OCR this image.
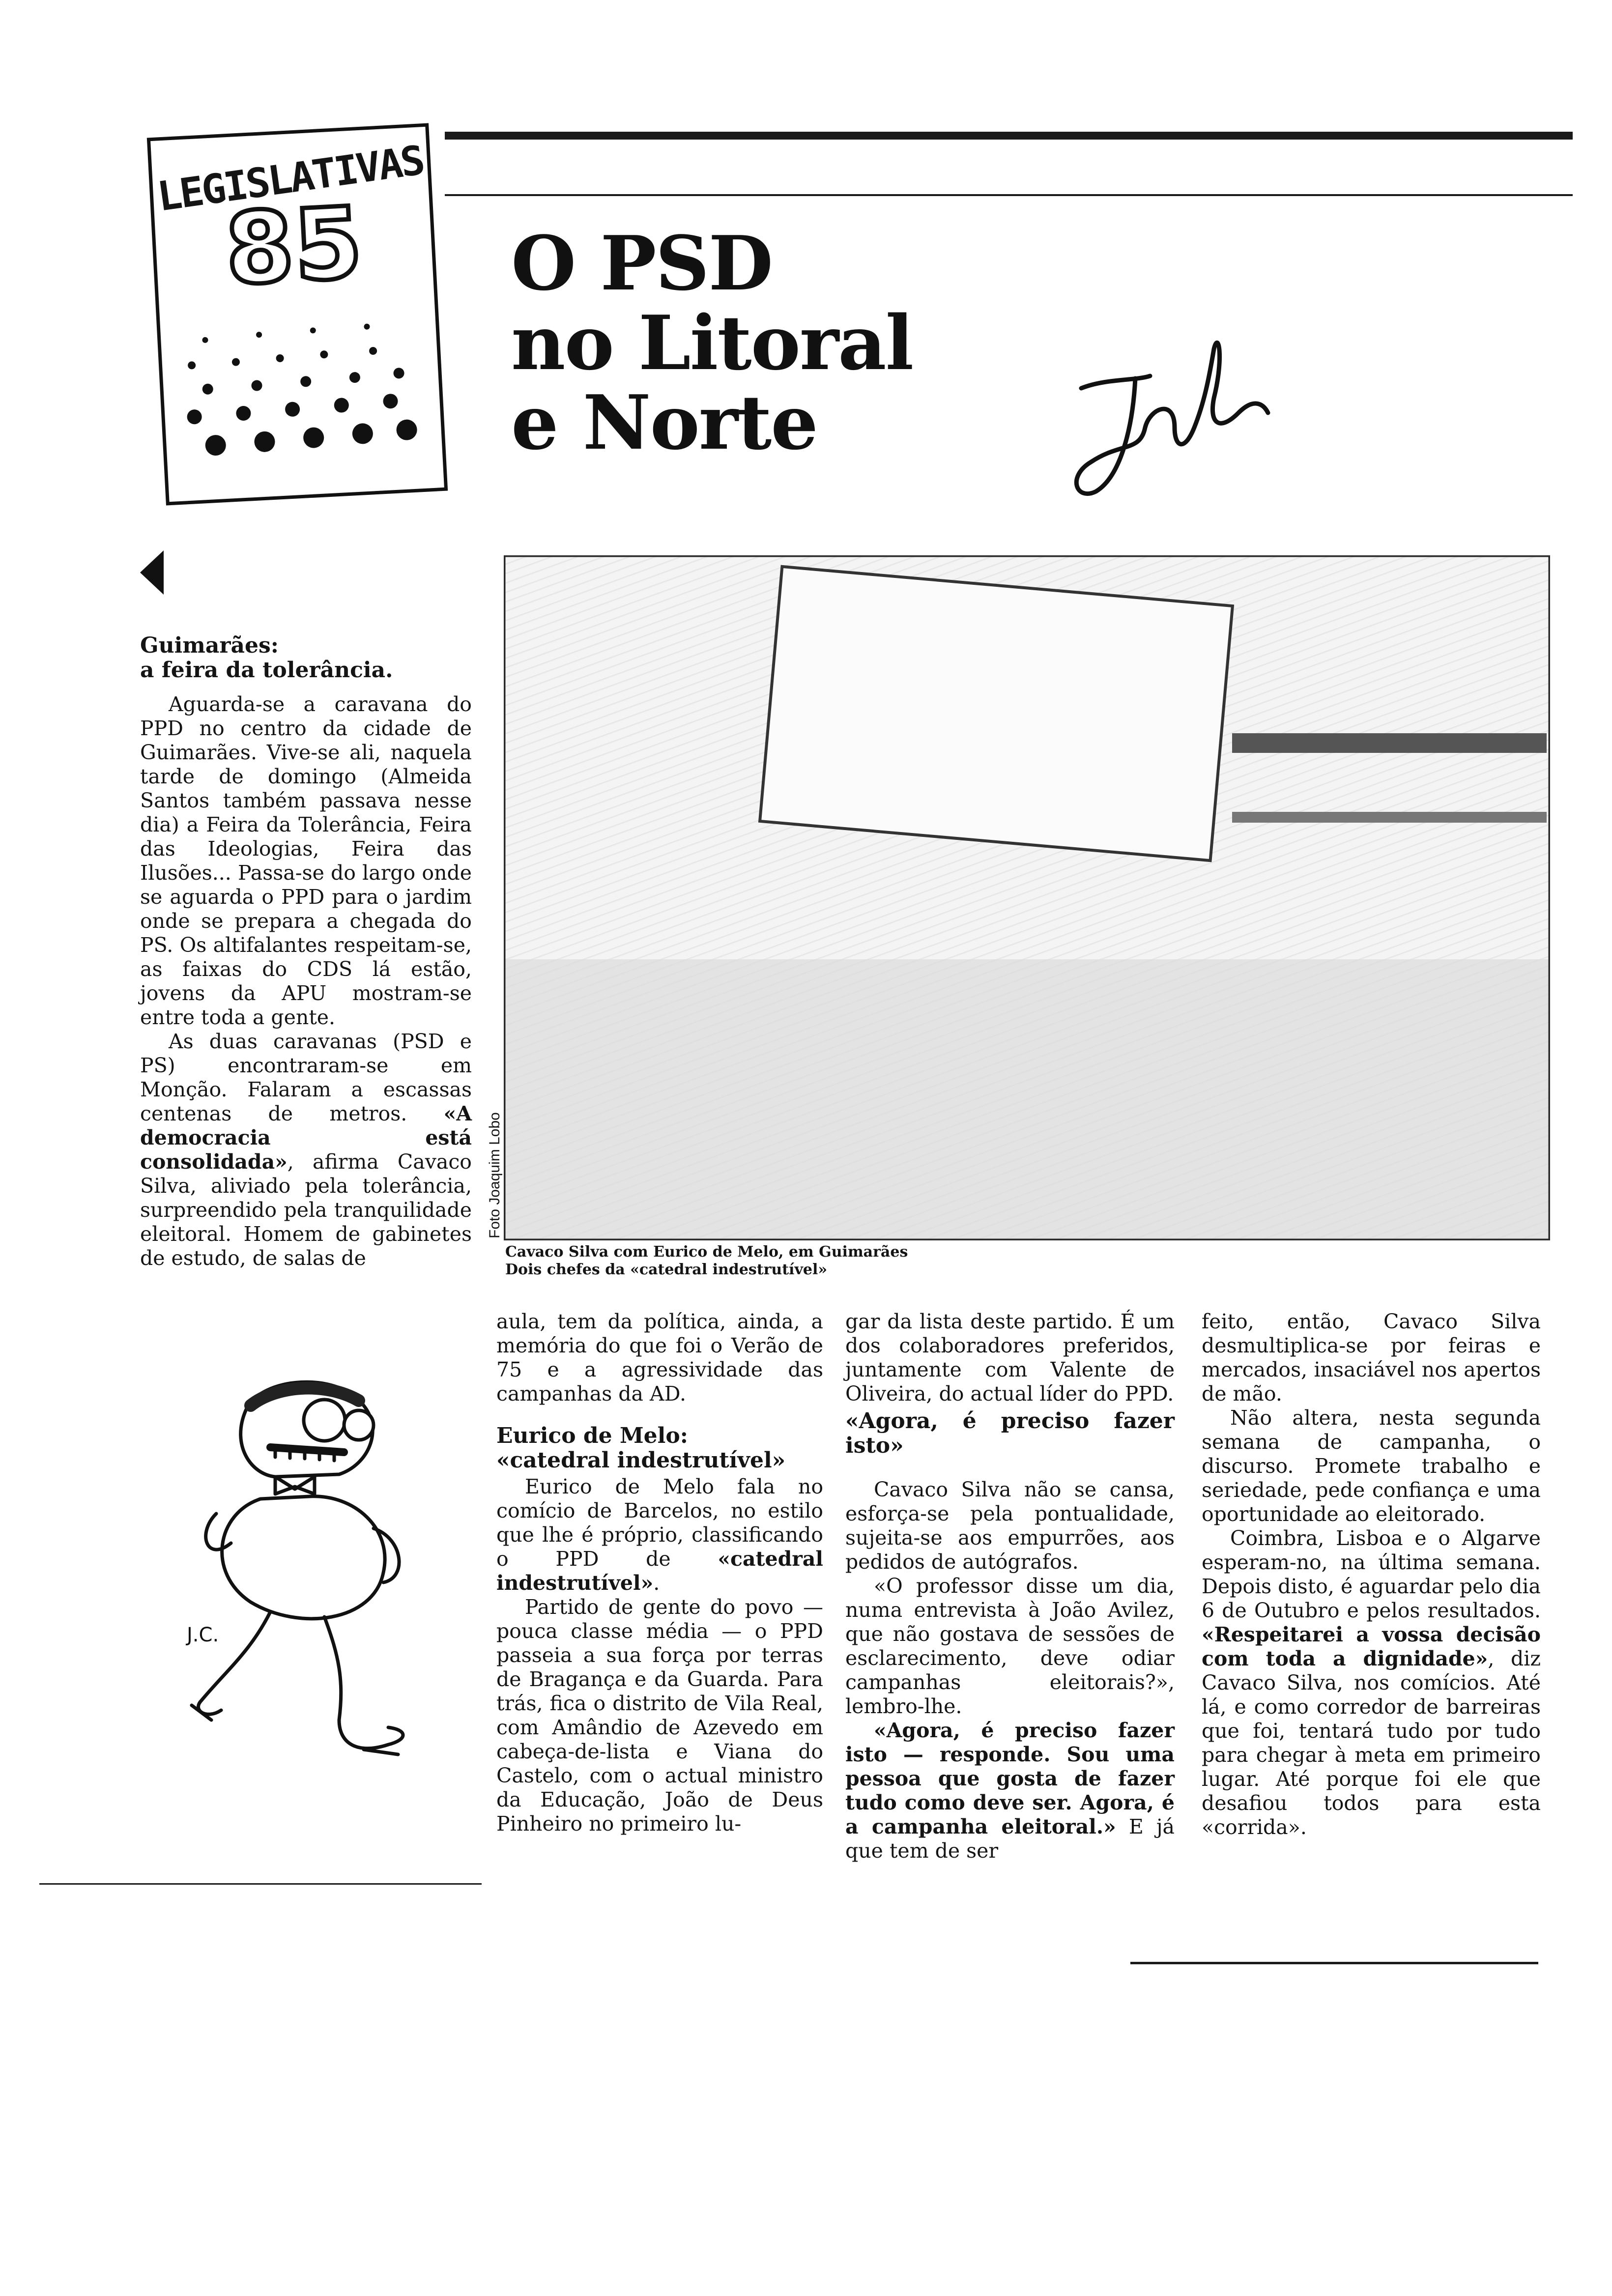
LEGISLATIVAS
85	O PSD
no Litoral
e Norte
Foto Joaquim Lobo
Cavaco Silva com Eurico de Melo, em Guimarães
Dois chefes da «catedral indestrutível»
Guimarães:
a feira da tolerância.

Aguarda-se a caravana do PPD no centro da cidade de Guimarães. Vive-se ali, naquela tarde de domingo (Almeida Santos também passava nesse dia) a Feira da Tolerância, Feira das Ideologias, Feira das Ilusões... Passa-se do largo onde se aguarda o PPD para o jardim onde se prepara a chegada do PS. Os altifalantes respeitam-se, as faixas do CDS lá estão, jovens da APU mostram-se entre toda a gente.

As duas caravanas (PSD e PS) encontraram-se em Monção. Falaram a escassas centenas de metros. «A democracia está consolidada», afirma Cavaco Silva, aliviado pela tolerância, surpreendido pela tranquilidade eleitoral. Homem de gabinetes de estudo, de salas de

J.C.

aula, tem da política, ainda, a memória do que foi o Verão de 75 e a agressividade das campanhas da AD.

Eurico de Melo:
«catedral indestrutível»

Eurico de Melo fala no comício de Barcelos, no estilo que lhe é próprio, classificando o PPD de «catedral indestrutível».

Partido de gente do povo — pouca classe média — o PPD passeia a sua força por terras de Bragança e da Guarda. Para trás, fica o distrito de Vila Real, com Amândio de Azevedo em cabeça-de-lista e Viana do Castelo, com o actual ministro da Educação, João de Deus Pinheiro no primeiro lu-

gar da lista deste partido. É um dos colaboradores preferidos, juntamente com Valente de Oliveira, do actual líder do PPD.

«Agora, é preciso fazer isto»

Cavaco Silva não se cansa, esforça-se pela pontualidade, sujeita-se aos empurrões, aos pedidos de autógrafos.

«O professor disse um dia, numa entrevista à João Avilez, que não gostava de sessões de esclarecimento, deve odiar campanhas eleitorais?», lembro-lhe.

«Agora, é preciso fazer isto — responde. Sou uma pessoa que gosta de fazer tudo como deve ser. Agora, é a campanha eleitoral.» E já que tem de ser

feito, então, Cavaco Silva desmultiplica-se por feiras e mercados, insaciável nos apertos de mão.

Não altera, nesta segunda semana de campanha, o discurso. Promete trabalho e seriedade, pede confiança e uma oportunidade ao eleitorado.

Coimbra, Lisboa e o Algarve esperam-no, na última semana. Depois disto, é aguardar pelo dia 6 de Outubro e pelos resultados. «Respeitarei a vossa decisão com toda a dignidade», diz Cavaco Silva, nos comícios. Até lá, e como corredor de barreiras que foi, tentará tudo por tudo para chegar à meta em primeiro lugar. Até porque foi ele que desafiou todos para esta «corrida».
